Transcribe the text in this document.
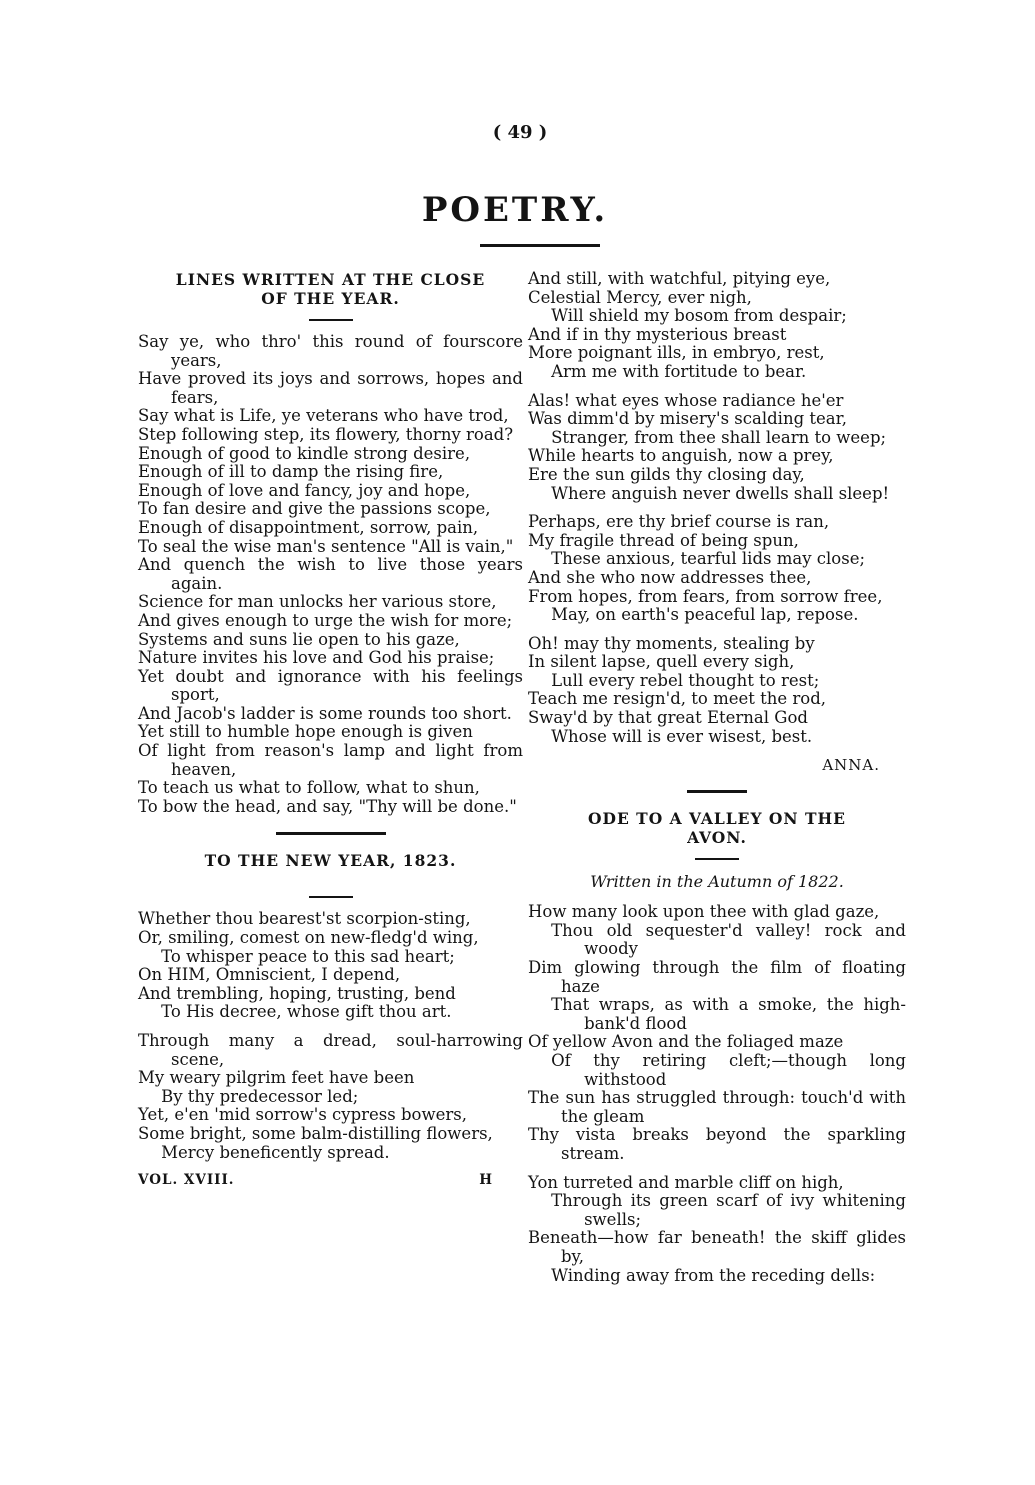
( 49 )
POETRY.

LINES WRITTEN AT THE CLOSE
OF THE YEAR.

Say ye, who thro' this round of fourscore years,
Have proved its joys and sorrows, hopes and fears,
Say what is Life, ye veterans who have trod,
Step following step, its flowery, thorny road?
Enough of good to kindle strong desire,
Enough of ill to damp the rising fire,
Enough of love and fancy, joy and hope,
To fan desire and give the passions scope,
Enough of disappointment, sorrow, pain,
To seal the wise man's sentence "All is vain,"
And quench the wish to live those years again.
Science for man unlocks her various store,
And gives enough to urge the wish for more;
Systems and suns lie open to his gaze,
Nature invites his love and God his praise;
Yet doubt and ignorance with his feelings sport,
And Jacob's ladder is some rounds too short.
Yet still to humble hope enough is given
Of light from reason's lamp and light from heaven,
To teach us what to follow, what to shun,
To bow the head, and say, "Thy will be done."

TO THE NEW YEAR, 1823.

Whether thou bearest'st scorpion-sting,
Or, smiling, comest on new-fledg'd wing,
To whisper peace to this sad heart;
On HIM, Omniscient, I depend,
And trembling, hoping, trusting, bend
To His decree, whose gift thou art.
Through many a dread, soul-harrowing scene,
My weary pilgrim feet have been
By thy predecessor led;
Yet, e'en 'mid sorrow's cypress bowers,
Some bright, some balm-distilling flowers,
Mercy beneficently spread.
VOL. XVIII.	H
And still, with watchful, pitying eye,
Celestial Mercy, ever nigh,
Will shield my bosom from despair;
And if in thy mysterious breast
More poignant ills, in embryo, rest,
Arm me with fortitude to bear.
Alas! what eyes whose radiance he'er
Was dimm'd by misery's scalding tear,
Stranger, from thee shall learn to weep;
While hearts to anguish, now a prey,
Ere the sun gilds thy closing day,
Where anguish never dwells shall sleep!
Perhaps, ere thy brief course is ran,
My fragile thread of being spun,
These anxious, tearful lids may close;
And she who now addresses thee,
From hopes, from fears, from sorrow free,
May, on earth's peaceful lap, repose.
Oh! may thy moments, stealing by
In silent lapse, quell every sigh,
Lull every rebel thought to rest;
Teach me resign'd, to meet the rod,
Sway'd by that great Eternal God
Whose will is ever wisest, best.
ANNA.

ODE TO A VALLEY ON THE
AVON.

Written in the Autumn of 1822.

How many look upon thee with glad gaze,
Thou old sequester'd valley! rock and woody
Dim glowing through the film of floating haze
That wraps, as with a smoke, the high-bank'd flood
Of yellow Avon and the foliaged maze
Of thy retiring cleft;—though long withstood
The sun has struggled through: touch'd with the gleam
Thy vista breaks beyond the sparkling stream.
Yon turreted and marble cliff on high,
Through its green scarf of ivy whitening swells;
Beneath—how far beneath! the skiff glides by,
Winding away from the receding dells:
